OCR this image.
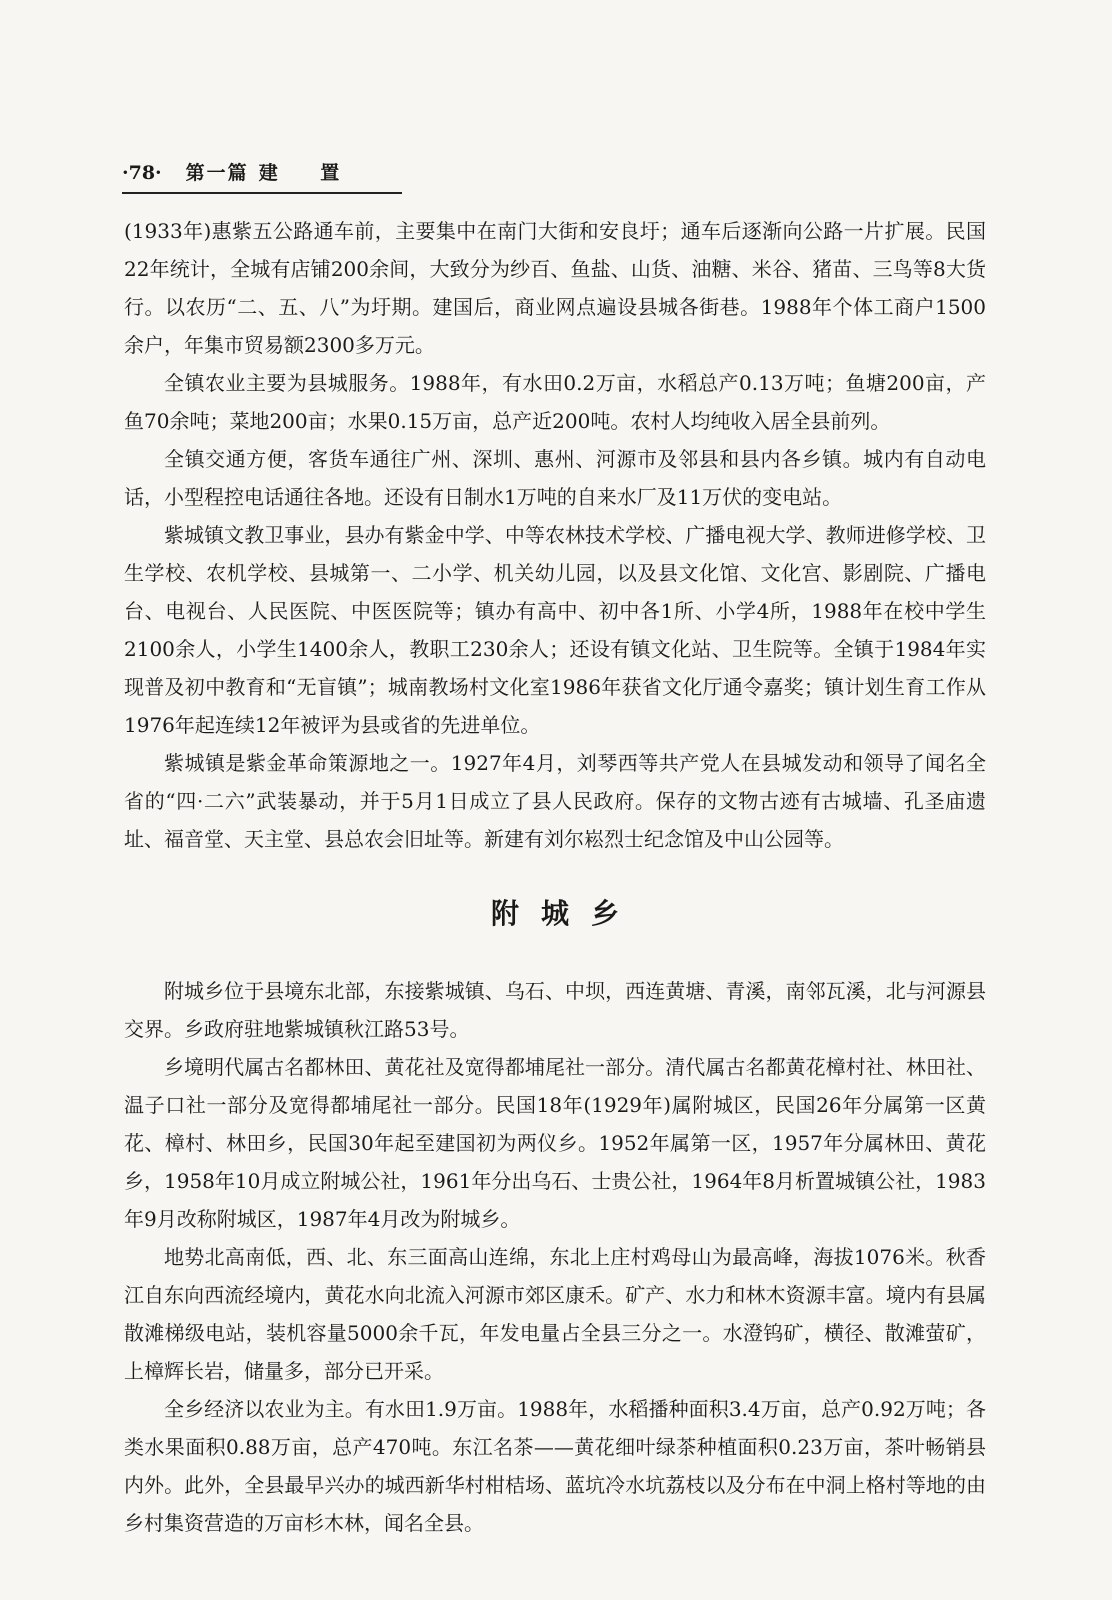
·78· 第一篇 建 置

(1933年)惠紫五公路通车前，主要集中在南门大街和安良圩；通车后逐渐向公路一片扩展。民国22年统计，全城有店铺200余间，大致分为纱百、鱼盐、山货、油糖、米谷、猪苗、三鸟等8大货行。以农历“二、五、八”为圩期。建国后，商业网点遍设县城各街巷。1988年个体工商户1500余户，年集市贸易额2300多万元。

全镇农业主要为县城服务。1988年，有水田0.2万亩，水稻总产0.13万吨；鱼塘200亩，产鱼70余吨；菜地200亩；水果0.15万亩，总产近200吨。农村人均纯收入居全县前列。

全镇交通方便，客货车通往广州、深圳、惠州、河源市及邻县和县内各乡镇。城内有自动电话，小型程控电话通往各地。还设有日制水1万吨的自来水厂及11万伏的变电站。

紫城镇文教卫事业，县办有紫金中学、中等农林技术学校、广播电视大学、教师进修学校、卫生学校、农机学校、县城第一、二小学、机关幼儿园，以及县文化馆、文化宫、影剧院、广播电台、电视台、人民医院、中医医院等；镇办有高中、初中各1所、小学4所，1988年在校中学生2100余人，小学生1400余人，教职工230余人；还设有镇文化站、卫生院等。全镇于1984年实现普及初中教育和“无盲镇”；城南教场村文化室1986年获省文化厅通令嘉奖；镇计划生育工作从1976年起连续12年被评为县或省的先进单位。

紫城镇是紫金革命策源地之一。1927年4月，刘琴西等共产党人在县城发动和领导了闻名全省的“四·二六”武装暴动，并于5月1日成立了县人民政府。保存的文物古迹有古城墙、孔圣庙遗址、福音堂、天主堂、县总农会旧址等。新建有刘尔崧烈士纪念馆及中山公园等。

附城乡

附城乡位于县境东北部，东接紫城镇、乌石、中坝，西连黄塘、青溪，南邻瓦溪，北与河源县交界。乡政府驻地紫城镇秋江路53号。

乡境明代属古名都林田、黄花社及宽得都埔尾社一部分。清代属古名都黄花樟村社、林田社、温子口社一部分及宽得都埔尾社一部分。民国18年(1929年)属附城区，民国26年分属第一区黄花、樟村、林田乡，民国30年起至建国初为两仪乡。1952年属第一区，1957年分属林田、黄花乡，1958年10月成立附城公社，1961年分出乌石、士贵公社，1964年8月析置城镇公社，1983年9月改称附城区，1987年4月改为附城乡。

地势北高南低，西、北、东三面高山连绵，东北上庄村鸡母山为最高峰，海拔1076米。秋香江自东向西流经境内，黄花水向北流入河源市郊区康禾。矿产、水力和林木资源丰富。境内有县属散滩梯级电站，装机容量5000余千瓦，年发电量占全县三分之一。水澄钨矿，横径、散滩萤矿，上樟辉长岩，储量多，部分已开采。

全乡经济以农业为主。有水田1.9万亩。1988年，水稻播种面积3.4万亩，总产0.92万吨；各类水果面积0.88万亩，总产470吨。东江名茶——黄花细叶绿茶种植面积0.23万亩，茶叶畅销县内外。此外，全县最早兴办的城西新华村柑桔场、蓝坑冷水坑荔枝以及分布在中洞上格村等地的由乡村集资营造的万亩杉木林，闻名全县。
